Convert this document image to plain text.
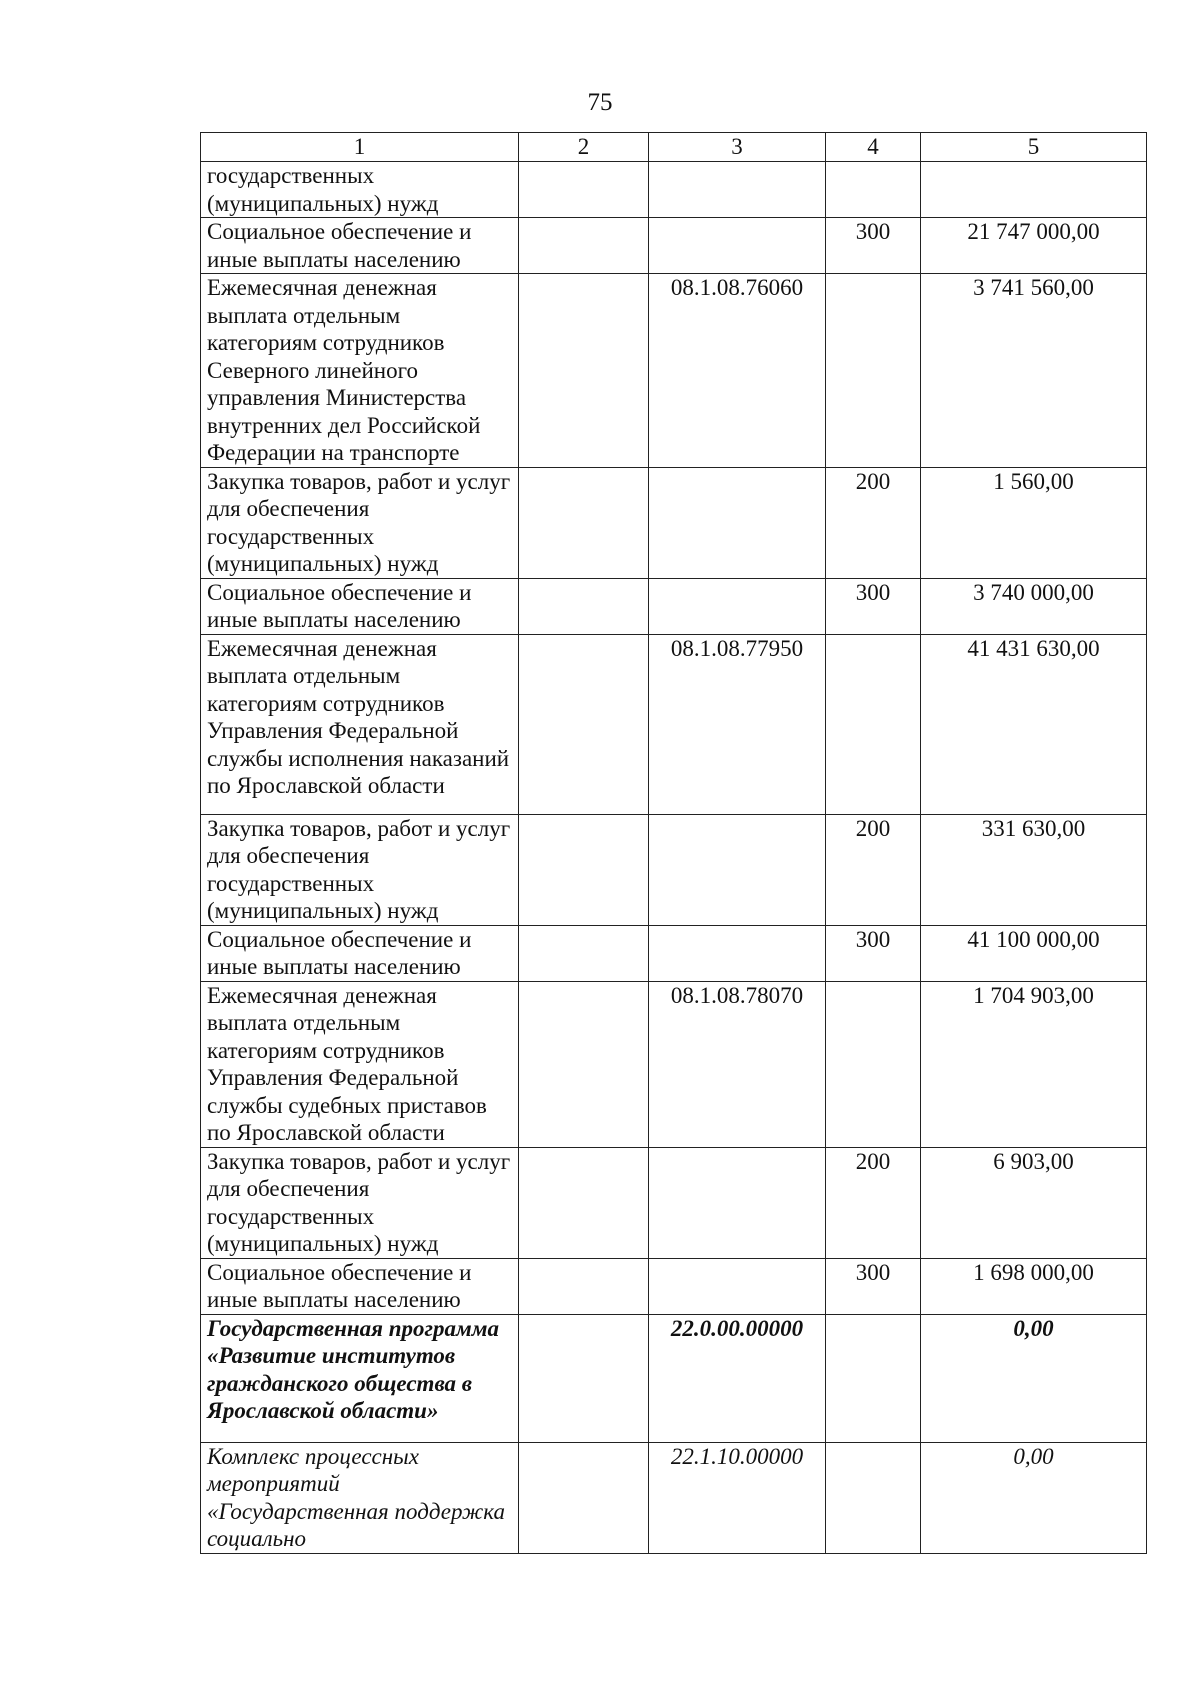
75
1	2	3	4	5
государственных (муниципальных) нужд				
Социальное обеспечение и иные выплаты населению			300	21 747 000,00
Ежемесячная денежная выплата отдельным категориям сотрудников Северного линейного управления Министерства внутренних дел Российской Федерации на транспорте		08.1.08.76060		3 741 560,00
Закупка товаров, работ и услуг для обеспечения государственных (муниципальных) нужд			200	1 560,00
Социальное обеспечение и иные выплаты населению			300	3 740 000,00
Ежемесячная денежная выплата отдельным категориям сотрудников Управления Федеральной службы исполнения наказаний по Ярославской области		08.1.08.77950		41 431 630,00
Закупка товаров, работ и услуг для обеспечения государственных (муниципальных) нужд			200	331 630,00
Социальное обеспечение и иные выплаты населению			300	41 100 000,00
Ежемесячная денежная выплата отдельным категориям сотрудников Управления Федеральной службы судебных приставов по Ярославской области		08.1.08.78070		1 704 903,00
Закупка товаров, работ и услуг для обеспечения государственных (муниципальных) нужд			200	6 903,00
Социальное обеспечение и иные выплаты населению			300	1 698 000,00
Государственная программа «Развитие институтов гражданского общества в Ярославской области»		22.0.00.00000		0,00
Комплекс процессных мероприятий «Государственная поддержка социально		22.1.10.00000		0,00
